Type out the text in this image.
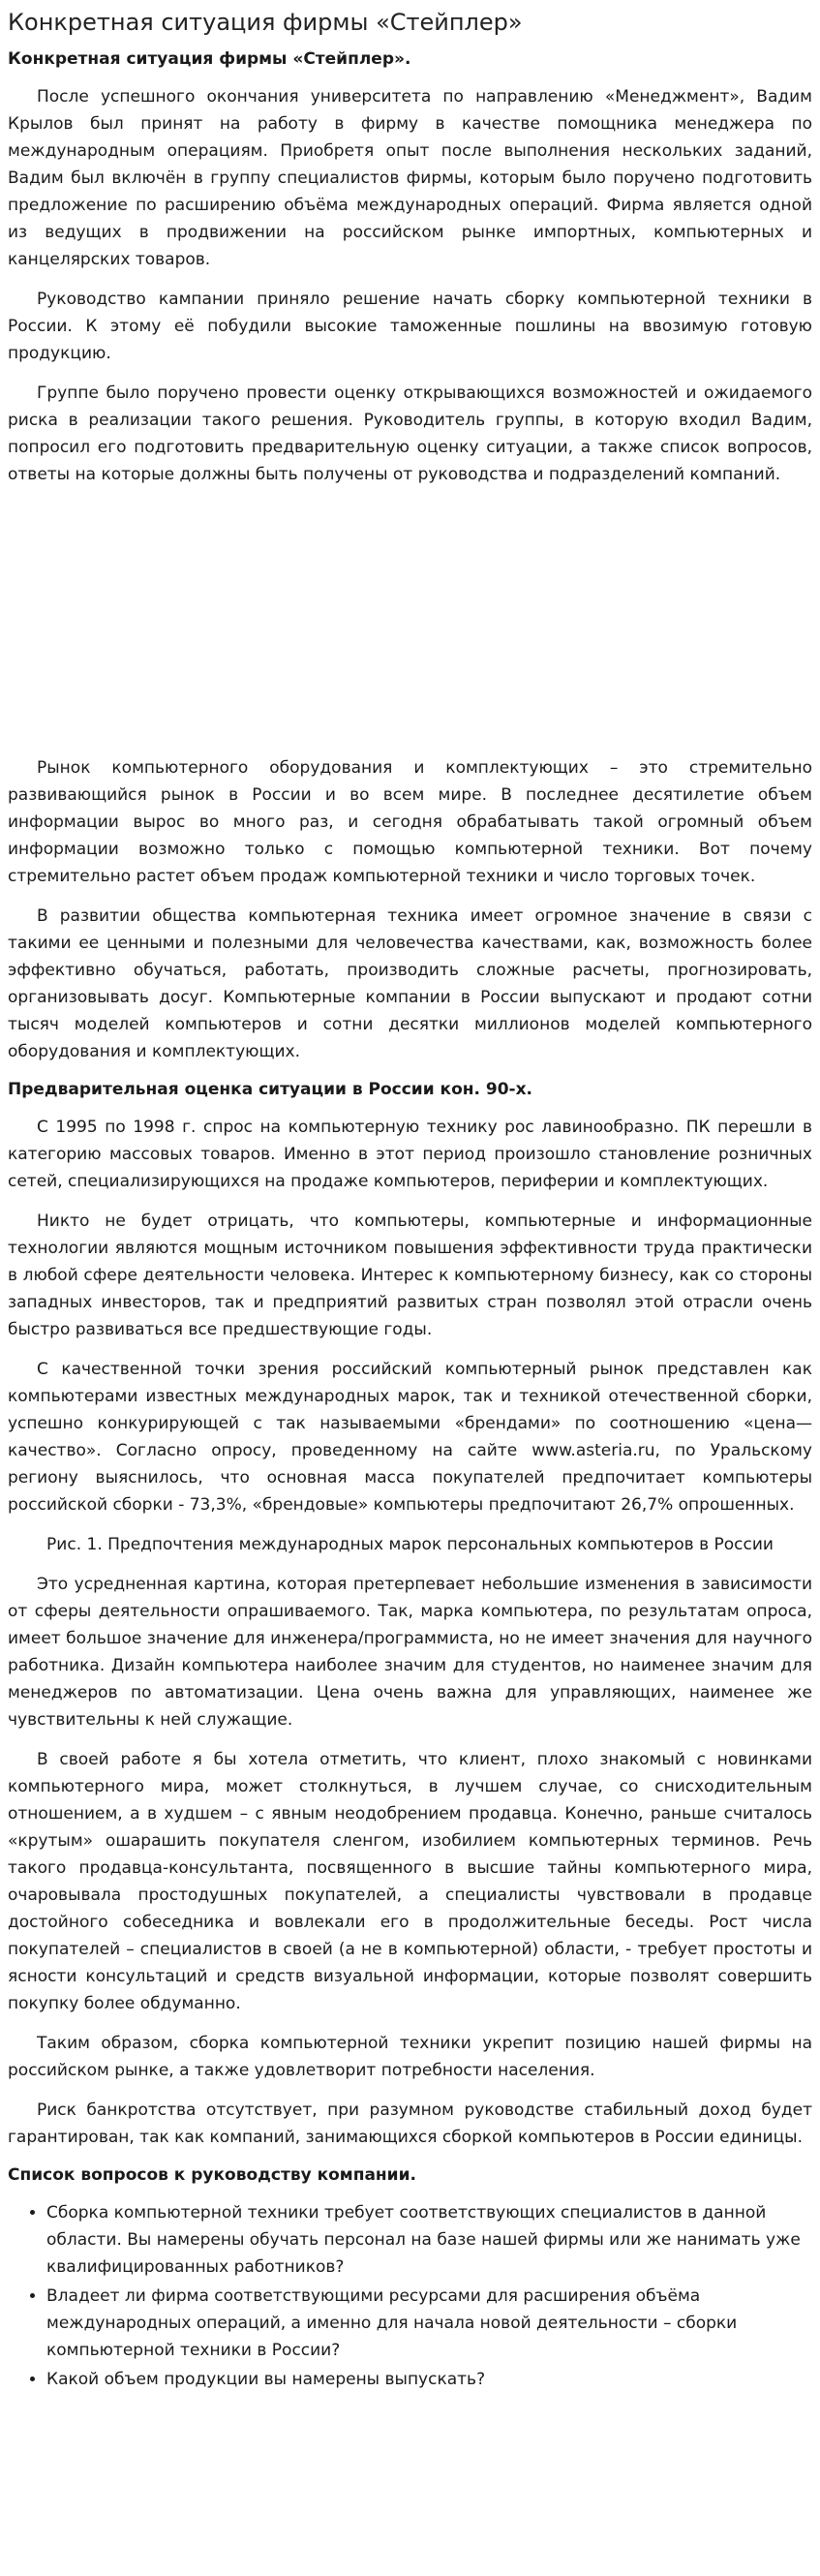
Конкретная ситуация фирмы «Стейплер»
Конкретная ситуация фирмы «Стейплер».

После успешного окончания университета по направлению «Менеджмент», Вадим Крылов был принят на работу в фирму в качестве помощника менеджера по международным операциям. Приобретя опыт после выполнения нескольких заданий, Вадим был включён в группу специалистов фирмы, которым было поручено подготовить предложение по расширению объёма международных операций. Фирма является одной из ведущих в продвижении на российском рынке импортных, компьютерных и канцелярских товаров.

Руководство кампании приняло решение начать сборку компьютерной техники в России. К этому её побудили высокие таможенные пошлины на ввозимую готовую продукцию.

Группе было поручено провести оценку открывающихся возможностей и ожидаемого риска в реализации такого решения. Руководитель группы, в которую входил Вадим, попросил его подготовить предварительную оценку ситуации, а также список вопросов, ответы на которые должны быть получены от руководства и подразделений компаний.

Рынок компьютерного оборудования и комплектующих – это стремительно развивающийся рынок в России и во всем мире. В последнее десятилетие объем информации вырос во много раз, и сегодня обрабатывать такой огромный объем информации возможно только с помощью компьютерной техники. Вот почему стремительно растет объем продаж компьютерной техники и число торговых точек.

В развитии общества компьютерная техника имеет огромное значение в связи с такими ее ценными и полезными для человечества качествами, как, возможность более эффективно обучаться, работать, производить сложные расчеты, прогнозировать, организовывать досуг. Компьютерные компании в России выпускают и продают сотни тысяч моделей компьютеров и сотни десятки миллионов моделей компьютерного оборудования и комплектующих.

Предварительная оценка ситуации в России кон. 90-х.

С 1995 по 1998 г. спрос на компьютерную технику рос лавинообразно. ПК перешли в категорию массовых товаров. Именно в этот период произошло становление розничных сетей, специализирующихся на продаже компьютеров, периферии и комплектующих.

Никто не будет отрицать, что компьютеры, компьютерные и информационные технологии являются мощным источником повышения эффективности труда практически в любой сфере деятельности человека. Интерес к компьютерному бизнесу, как со стороны западных инвесторов, так и предприятий развитых стран позволял этой отрасли очень быстро развиваться все предшествующие годы.

С качественной точки зрения российский компьютерный рынок представлен как компьютерами известных международных марок, так и техникой отечественной сборки, успешно конкурирующей с так называемыми «брендами» по соотношению «цена—качество». Согласно опросу, проведенному на сайте www.asteria.ru, по Уральскому региону выяснилось, что основная масса покупателей предпочитает компьютеры российской сборки - 73,3%, «брендовые» компьютеры предпочитают 26,7% опрошенных.

Рис. 1. Предпочтения международных марок персональных компьютеров в России

Это усредненная картина, которая претерпевает небольшие изменения в зависимости от сферы деятельности опрашиваемого. Так, марка компьютера, по результатам опроса, имеет большое значение для инженера/программиста, но не имеет значения для научного работника. Дизайн компьютера наиболее значим для студентов, но наименее значим для менеджеров по автоматизации. Цена очень важна для управляющих, наименее же чувствительны к ней служащие.

В своей работе я бы хотела отметить, что клиент, плохо знакомый с новинками компьютерного мира, может столкнуться, в лучшем случае, со снисходительным отношением, а в худшем – с явным неодобрением продавца. Конечно, раньше считалось «крутым» ошарашить покупателя сленгом, изобилием компьютерных терминов. Речь такого продавца-консультанта, посвященного в высшие тайны компьютерного мира, очаровывала простодушных покупателей, а специалисты чувствовали в продавце достойного собеседника и вовлекали его в продолжительные беседы. Рост числа покупателей – специалистов в своей (а не в компьютерной) области, - требует простоты и ясности консультаций и средств визуальной информации, которые позволят совершить покупку более обдуманно.

Таким образом, сборка компьютерной техники укрепит позицию нашей фирмы на российском рынке, а также удовлетворит потребности населения.

Риск банкротства отсутствует, при разумном руководстве стабильный доход будет гарантирован, так как компаний, занимающихся сборкой компьютеров в России единицы.

Список вопросов к руководству компании.
• Сборка компьютерной техники требует соответствующих специалистов в данной области. Вы намерены обучать персонал на базе нашей фирмы или же нанимать уже квалифицированных работников?
• Владеет ли фирма соответствующими ресурсами для расширения объёма международных операций, а именно для начала новой деятельности – сборки компьютерной техники в России?
• Какой объем продукции вы намерены выпускать?
